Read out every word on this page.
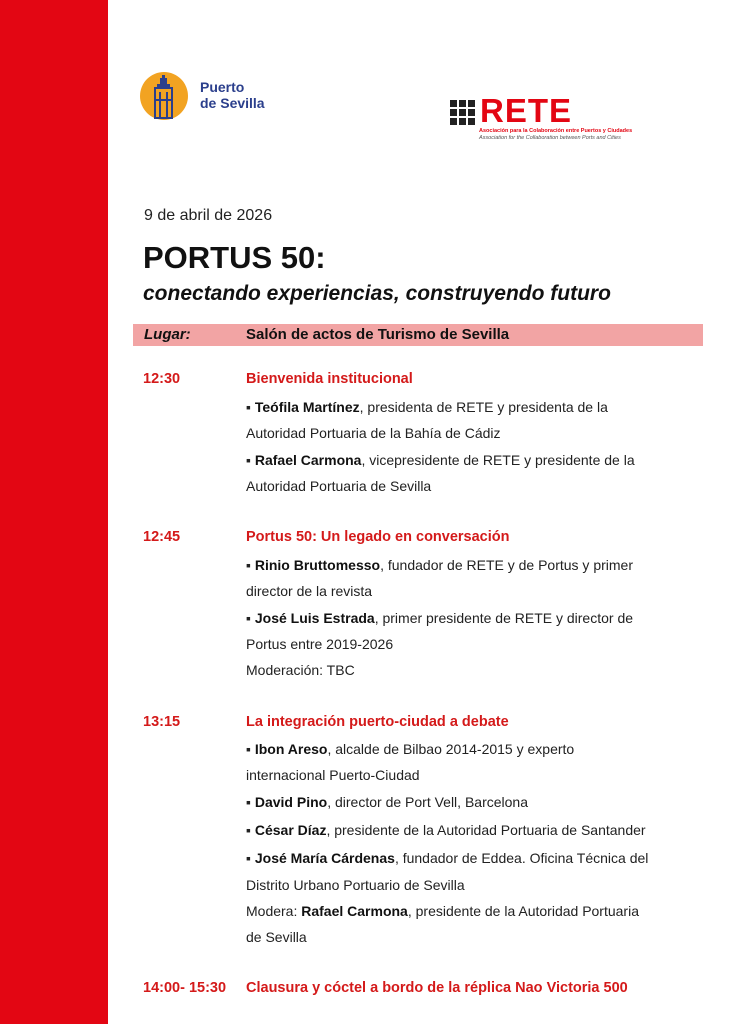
Puerto
de Sevilla	RETE
Asociación para la Colaboración entre Puertos y Ciudades
Association for the Collaboration between Ports and Cities
9 de abril de 2026
PORTUS 50:
conectando experiencias, construyendo futuro
Lugar:	Salón de actos de Turismo de Sevilla
12:30	Bienvenida institucional
▪ Teófila Martínez, presidenta de RETE y presidenta de la
Autoridad Portuaria de la Bahía de Cádiz
▪ Rafael Carmona, vicepresidente de RETE y presidente de la
Autoridad Portuaria de Sevilla
12:45	Portus 50: Un legado en conversación
▪ Rinio Bruttomesso, fundador de RETE y de Portus y primer
director de la revista
▪ José Luis Estrada, primer presidente de RETE y director de
Portus entre 2019-2026
Moderación: TBC
13:15	La integración puerto-ciudad a debate
▪ Ibon Areso, alcalde de Bilbao 2014-2015 y experto
internacional Puerto-Ciudad
▪ David Pino, director de Port Vell, Barcelona
▪ César Díaz, presidente de la Autoridad Portuaria de Santander
▪ José María Cárdenas, fundador de Eddea. Oficina Técnica del
Distrito Urbano Portuario de Sevilla
Modera: Rafael Carmona, presidente de la Autoridad Portuaria
de Sevilla
14:00- 15:30 Clausura y cóctel a bordo de la réplica Nao Victoria 500
